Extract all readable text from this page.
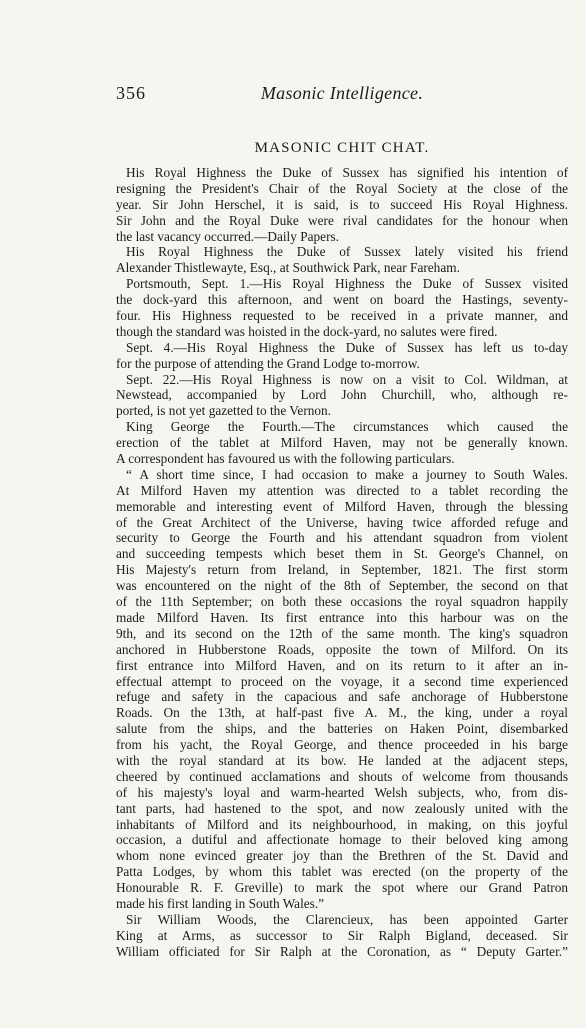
356	Masonic Intelligence.
MASONIC CHIT CHAT.
His Royal Highness the Duke of Sussex has signified his intention of
resigning the President's Chair of the Royal Society at the close of the
year. Sir John Herschel, it is said, is to succeed His Royal Highness.
Sir John and the Royal Duke were rival candidates for the honour when
the last vacancy occurred.—Daily Papers.
His Royal Highness the Duke of Sussex lately visited his friend
Alexander Thistlewayte, Esq., at Southwick Park, near Fareham.
Portsmouth, Sept. 1.—His Royal Highness the Duke of Sussex visited
the dock-yard this afternoon, and went on board the Hastings, seventy-
four. His Highness requested to be received in a private manner, and
though the standard was hoisted in the dock-yard, no salutes were fired.
Sept. 4.—His Royal Highness the Duke of Sussex has left us to-day
for the purpose of attending the Grand Lodge to-morrow.
Sept. 22.—His Royal Highness is now on a visit to Col. Wildman, at
Newstead, accompanied by Lord John Churchill, who, although re-
ported, is not yet gazetted to the Vernon.
King George the Fourth.—The circumstances which caused the
erection of the tablet at Milford Haven, may not be generally known.
A correspondent has favoured us with the following particulars.
“ A short time since, I had occasion to make a journey to South Wales.
At Milford Haven my attention was directed to a tablet recording the
memorable and interesting event of Milford Haven, through the blessing
of the Great Architect of the Universe, having twice afforded refuge and
security to George the Fourth and his attendant squadron from violent
and succeeding tempests which beset them in St. George's Channel, on
His Majesty's return from Ireland, in September, 1821. The first storm
was encountered on the night of the 8th of September, the second on that
of the 11th September; on both these occasions the royal squadron happily
made Milford Haven. Its first entrance into this harbour was on the
9th, and its second on the 12th of the same month. The king's squadron
anchored in Hubberstone Roads, opposite the town of Milford. On its
first entrance into Milford Haven, and on its return to it after an in-
effectual attempt to proceed on the voyage, it a second time experienced
refuge and safety in the capacious and safe anchorage of Hubberstone
Roads. On the 13th, at half-past five A. M., the king, under a royal
salute from the ships, and the batteries on Haken Point, disembarked
from his yacht, the Royal George, and thence proceeded in his barge
with the royal standard at its bow. He landed at the adjacent steps,
cheered by continued acclamations and shouts of welcome from thousands
of his majesty's loyal and warm-hearted Welsh subjects, who, from dis-
tant parts, had hastened to the spot, and now zealously united with the
inhabitants of Milford and its neighbourhood, in making, on this joyful
occasion, a dutiful and affectionate homage to their beloved king among
whom none evinced greater joy than the Brethren of the St. David and
Patta Lodges, by whom this tablet was erected (on the property of the
Honourable R. F. Greville) to mark the spot where our Grand Patron
made his first landing in South Wales.”
Sir William Woods, the Clarencieux, has been appointed Garter
King at Arms, as successor to Sir Ralph Bigland, deceased. Sir
William officiated for Sir Ralph at the Coronation, as “ Deputy Garter.”
